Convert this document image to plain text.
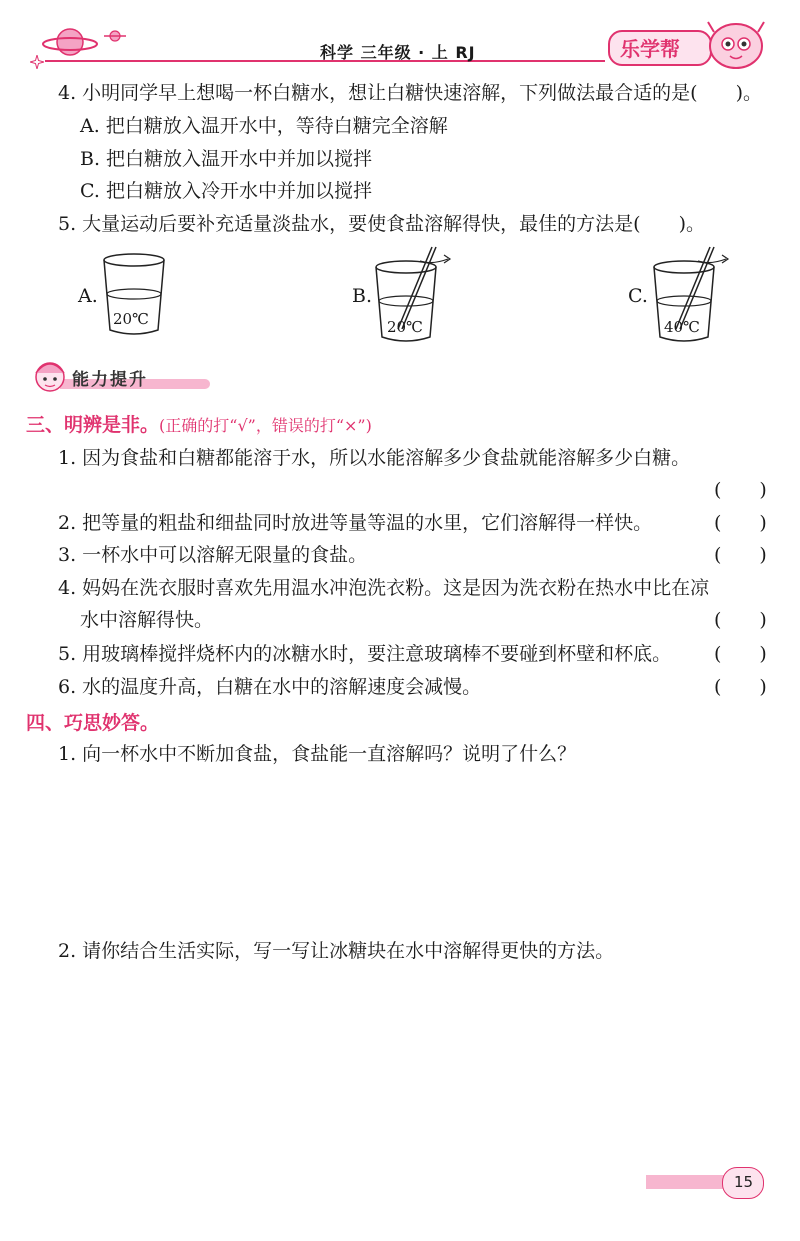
科学 三年级 · 上 RJ	乐学帮
4. 小明同学早上想喝一杯白糖水，想让白糖快速溶解，下列做法最合适的是(　　)。
A. 把白糖放入温开水中，等待白糖完全溶解
B. 把白糖放入温开水中并加以搅拌
C. 把白糖放入冷开水中并加以搅拌
5. 大量运动后要补充适量淡盐水，要使食盐溶解得快，最佳的方法是(　　)。
A.
20℃
B.
20℃
C.
40℃
能力提升
三、明辨是非。(正确的打“√”，错误的打“×”)
1. 因为食盐和白糖都能溶于水，所以水能溶解多少食盐就能溶解多少白糖。
(　　)
2. 把等量的粗盐和细盐同时放进等量等温的水里，它们溶解得一样快。	(　　)
3. 一杯水中可以溶解无限量的食盐。	(　　)
4. 妈妈在洗衣服时喜欢先用温水冲泡洗衣粉。这是因为洗衣粉在热水中比在凉
水中溶解得快。	(　　)
5. 用玻璃棒搅拌烧杯内的冰糖水时，要注意玻璃棒不要碰到杯壁和杯底。 (　　)
6. 水的温度升高，白糖在水中的溶解速度会减慢。	(　　)
四、巧思妙答。
1. 向一杯水中不断加食盐，食盐能一直溶解吗？说明了什么？
2. 请你结合生活实际，写一写让冰糖块在水中溶解得更快的方法。
15
